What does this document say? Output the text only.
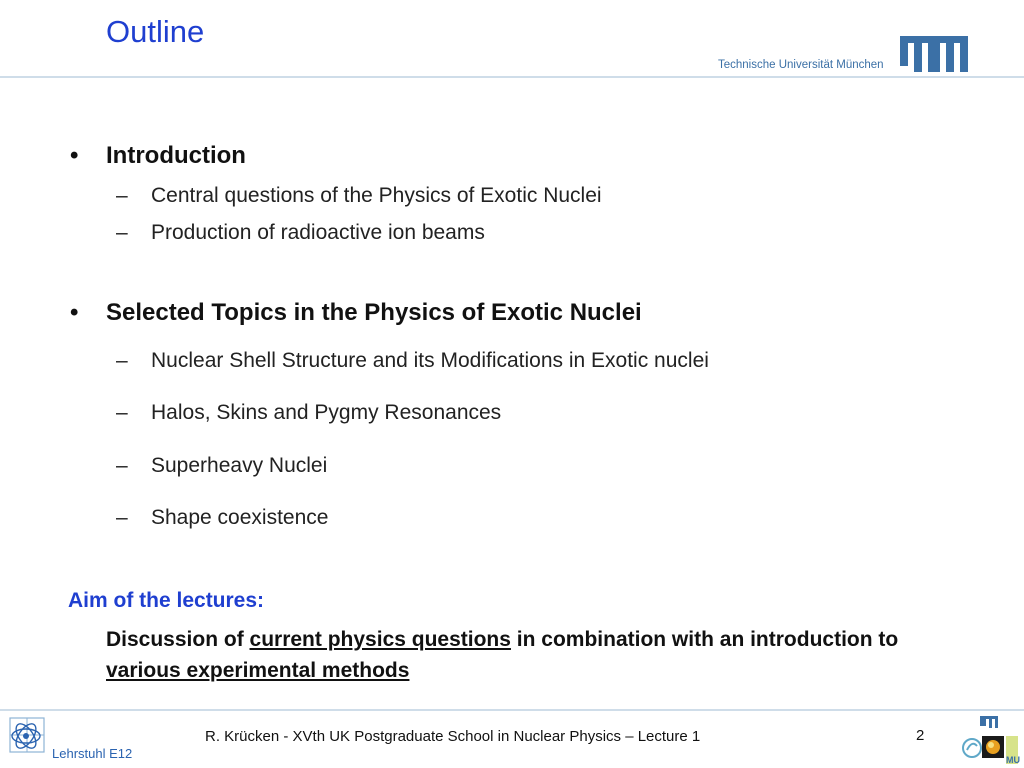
Outline
Technische Universität München
• Introduction
– Central questions of the Physics of Exotic Nuclei
– Production of radioactive ion beams
• Selected Topics in the Physics of Exotic Nuclei
– Nuclear Shell Structure and its Modifications in Exotic nuclei
– Halos, Skins and Pygmy Resonances
– Superheavy Nuclei
– Shape coexistence
Aim of the lectures:
Discussion of current physics questions in combination with an introduction to  various experimental methods
Lehrstuhl E12
R. Krücken - XVth UK Postgraduate School in Nuclear Physics – Lecture 1	2
MU
